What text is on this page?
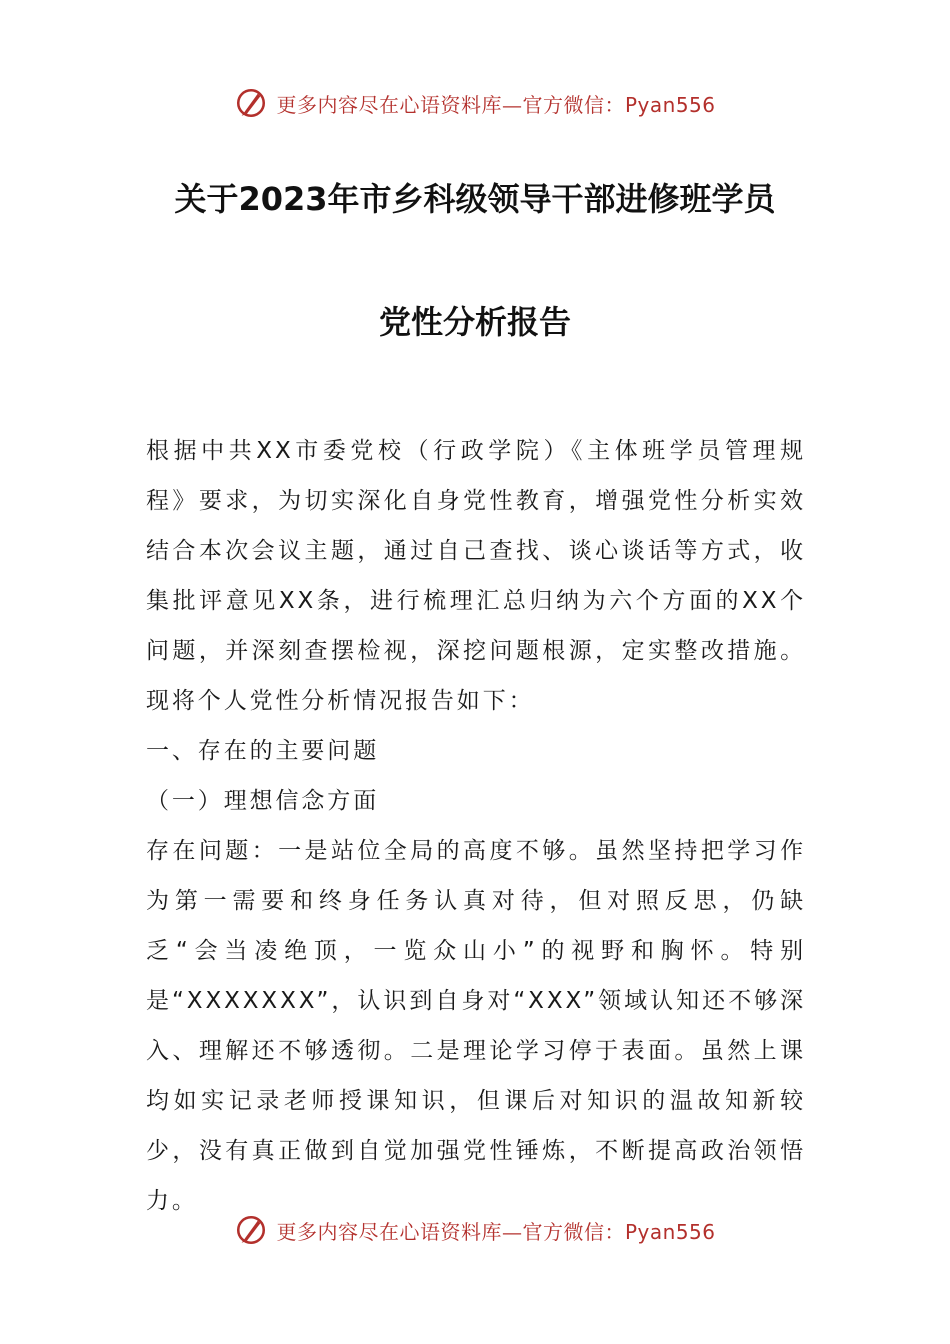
更多内容尽在心语资料库—官方微信：Pyan556
关于2023年市乡科级领导干部进修班学员
党性分析报告

根据中共XX市委党校（行政学院）《主体班学员管理规程》要求，为切实深化自身党性教育，增强党性分析实效结合本次会议主题，通过自己查找、谈心谈话等方式，收集批评意见XX条，进行梳理汇总归纳为六个方面的XX个问题，并深刻查摆检视，深挖问题根源，定实整改措施。现将个人党性分析情况报告如下：

一、存在的主要问题

（一）理想信念方面

存在问题：一是站位全局的高度不够。虽然坚持把学习作为第一需要和终身任务认真对待，但对照反思，仍缺乏“会当凌绝顶，一览众山小”的视野和胸怀。特别是“XXXXXXX”，认识到自身对“XXX”领域认知还不够深入、理解还不够透彻。二是理论学习停于表面。虽然上课均如实记录老师授课知识，但课后对知识的温故知新较少，没有真正做到自觉加强党性锤炼，不断提高政治领悟力。

更多内容尽在心语资料库—官方微信：Pyan556
